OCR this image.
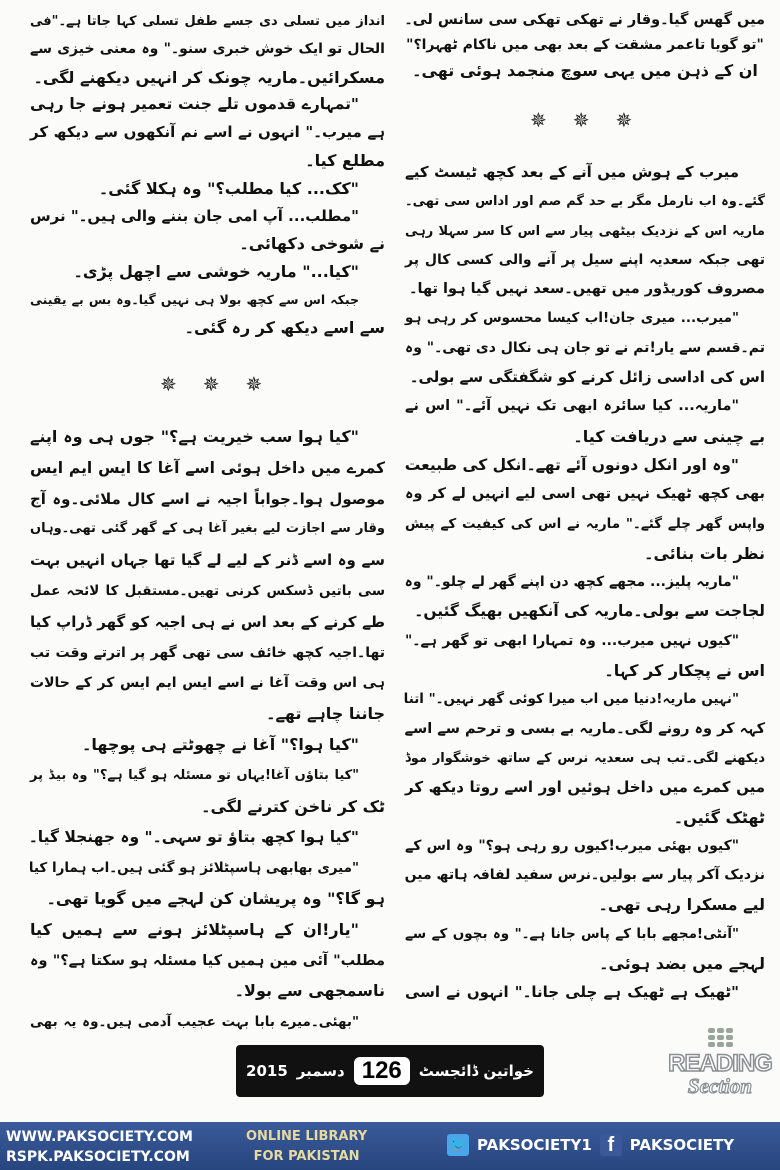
میں گھس گیا۔وقار نے تھکی تھکی سی سانس لی۔
"تو گویا تاعمر مشقت کے بعد بھی میں ناکام ٹھہرا؟"
ان کے ذہن میں یہی سوچ منجمد ہوئی تھی۔
✵ ✵ ✵
میرب کے ہوش میں آنے کے بعد کچھ ٹیسٹ کیے
گئے۔وہ اب نارمل مگر بے حد گم صم اور اداس سی تھی۔
ماریہ اس کے نزدیک بیٹھی پیار سے اس کا سر سہلا رہی
تھی جبکہ سعدیہ اپنے سیل پر آنے والی کسی کال پر
مصروف کوریڈور میں تھیں۔سعد نہیں گیا ہوا تھا۔
"میرب... میری جان!اب کیسا محسوس کر رہی ہو
تم۔قسم سے یار!تم نے تو جان ہی نکال دی تھی۔" وہ
اس کی اداسی زائل کرنے کو شگفتگی سے بولی۔
"ماریہ... کیا سائرہ ابھی تک نہیں آئے۔" اس نے
بے چینی سے دریافت کیا۔
"وہ اور انکل دونوں آئے تھے۔انکل کی طبیعت
بھی کچھ ٹھیک نہیں تھی اسی لیے انہیں لے کر وہ
واپس گھر چلے گئے۔" ماریہ نے اس کی کیفیت کے پیش
نظر بات بنائی۔
"ماریہ پلیز... مجھے کچھ دن اپنے گھر لے چلو۔" وہ
لجاجت سے بولی۔ماریہ کی آنکھیں بھیگ گئیں۔
"کیوں نہیں میرب... وہ تمہارا ابھی تو گھر ہے۔"
اس نے پچکار کر کہا۔
"نہیں ماریہ!دنیا میں اب میرا کوئی گھر نہیں۔" اتنا
کہہ کر وہ رونے لگی۔ماریہ بے بسی و ترحم سے اسے
دیکھنے لگی۔تب ہی سعدیہ نرس کے ساتھ خوشگوار موڈ
میں کمرے میں داخل ہوئیں اور اسے روتا دیکھ کر
ٹھٹک گئیں۔
"کیوں بھئی میرب!کیوں رو رہی ہو؟" وہ اس کے
نزدیک آکر پیار سے بولیں۔نرس سفید لفافہ ہاتھ میں
لیے مسکرا رہی تھی۔
"آنٹی!مجھے بابا کے پاس جانا ہے۔" وہ بچوں کے سے
لہجے میں بضد ہوئی۔
"ٹھیک ہے ٹھیک ہے چلی جانا۔" انہوں نے اسی
انداز میں تسلی دی جسے طفل تسلی کہا جاتا ہے۔"فی
الحال تو ایک خوش خبری سنو۔" وہ معنی خیزی سے
مسکرائیں۔ماریہ چونک کر انہیں دیکھنے لگی۔
"تمہارے قدموں تلے جنت تعمیر ہونے جا رہی
ہے میرب۔" انہوں نے اسے نم آنکھوں سے دیکھ کر
مطلع کیا۔
"کک... کیا مطلب؟" وہ ہکلا گئی۔
"مطلب... آپ امی جان بننے والی ہیں۔" نرس
نے شوخی دکھائی۔
"کیا..." ماریہ خوشی سے اچھل پڑی۔
جبکہ اس سے کچھ بولا ہی نہیں گیا۔وہ بس بے یقینی
سے اسے دیکھ کر رہ گئی۔
✵ ✵ ✵
"کیا ہوا سب خیریت ہے؟" جوں ہی وہ اپنے
کمرے میں داخل ہوئی اسے آغا کا ایس ایم ایس
موصول ہوا۔جواباً اجیہ نے اسے کال ملائی۔وہ آج
وقار سے اجازت لیے بغیر آغا ہی کے گھر گئی تھی۔وہاں
سے وہ اسے ڈنر کے لیے لے گیا تھا جہاں انہیں بہت
سی باتیں ڈسکس کرنی تھیں۔مستقبل کا لائحہ عمل
طے کرنے کے بعد اس نے ہی اجیہ کو گھر ڈراپ کیا
تھا۔اجیہ کچھ خائف سی تھی گھر پر اترتے وقت تب
ہی اس وقت آغا نے اسے ایس ایم ایس کر کے حالات
جاننا چاہے تھے۔
"کیا ہوا؟" آغا نے چھوٹتے ہی پوچھا۔
"کیا بتاؤں آغا!یہاں تو مسئلہ ہو گیا ہے؟" وہ بیڈ پر
ٹک کر ناخن کترنے لگی۔
"کیا ہوا کچھ بتاؤ تو سہی۔" وہ جھنجلا گیا۔
"میری بھابھی ہاسپٹلائز ہو گئی ہیں۔اب ہمارا کیا
ہو گا؟" وہ پریشان کن لہجے میں گویا تھی۔
"یار!ان کے ہاسپٹلائز ہونے سے ہمیں کیا
مطلب" آئی مین ہمیں کیا مسئلہ ہو سکتا ہے؟" وہ
ناسمجھی سے بولا۔
"بھئی۔میرے بابا بہت عجیب آدمی ہیں۔وہ یہ بھی
خواتین ڈائجسٹ
126
دسمبر
2015	READING
Section
WWW.PAKSOCIETY.COM
RSPK.PAKSOCIETY.COM
ONLINE LIBRARY
FOR PAKISTAN
🐦 PAKSOCIETY1 f	PAKSOCIETY
